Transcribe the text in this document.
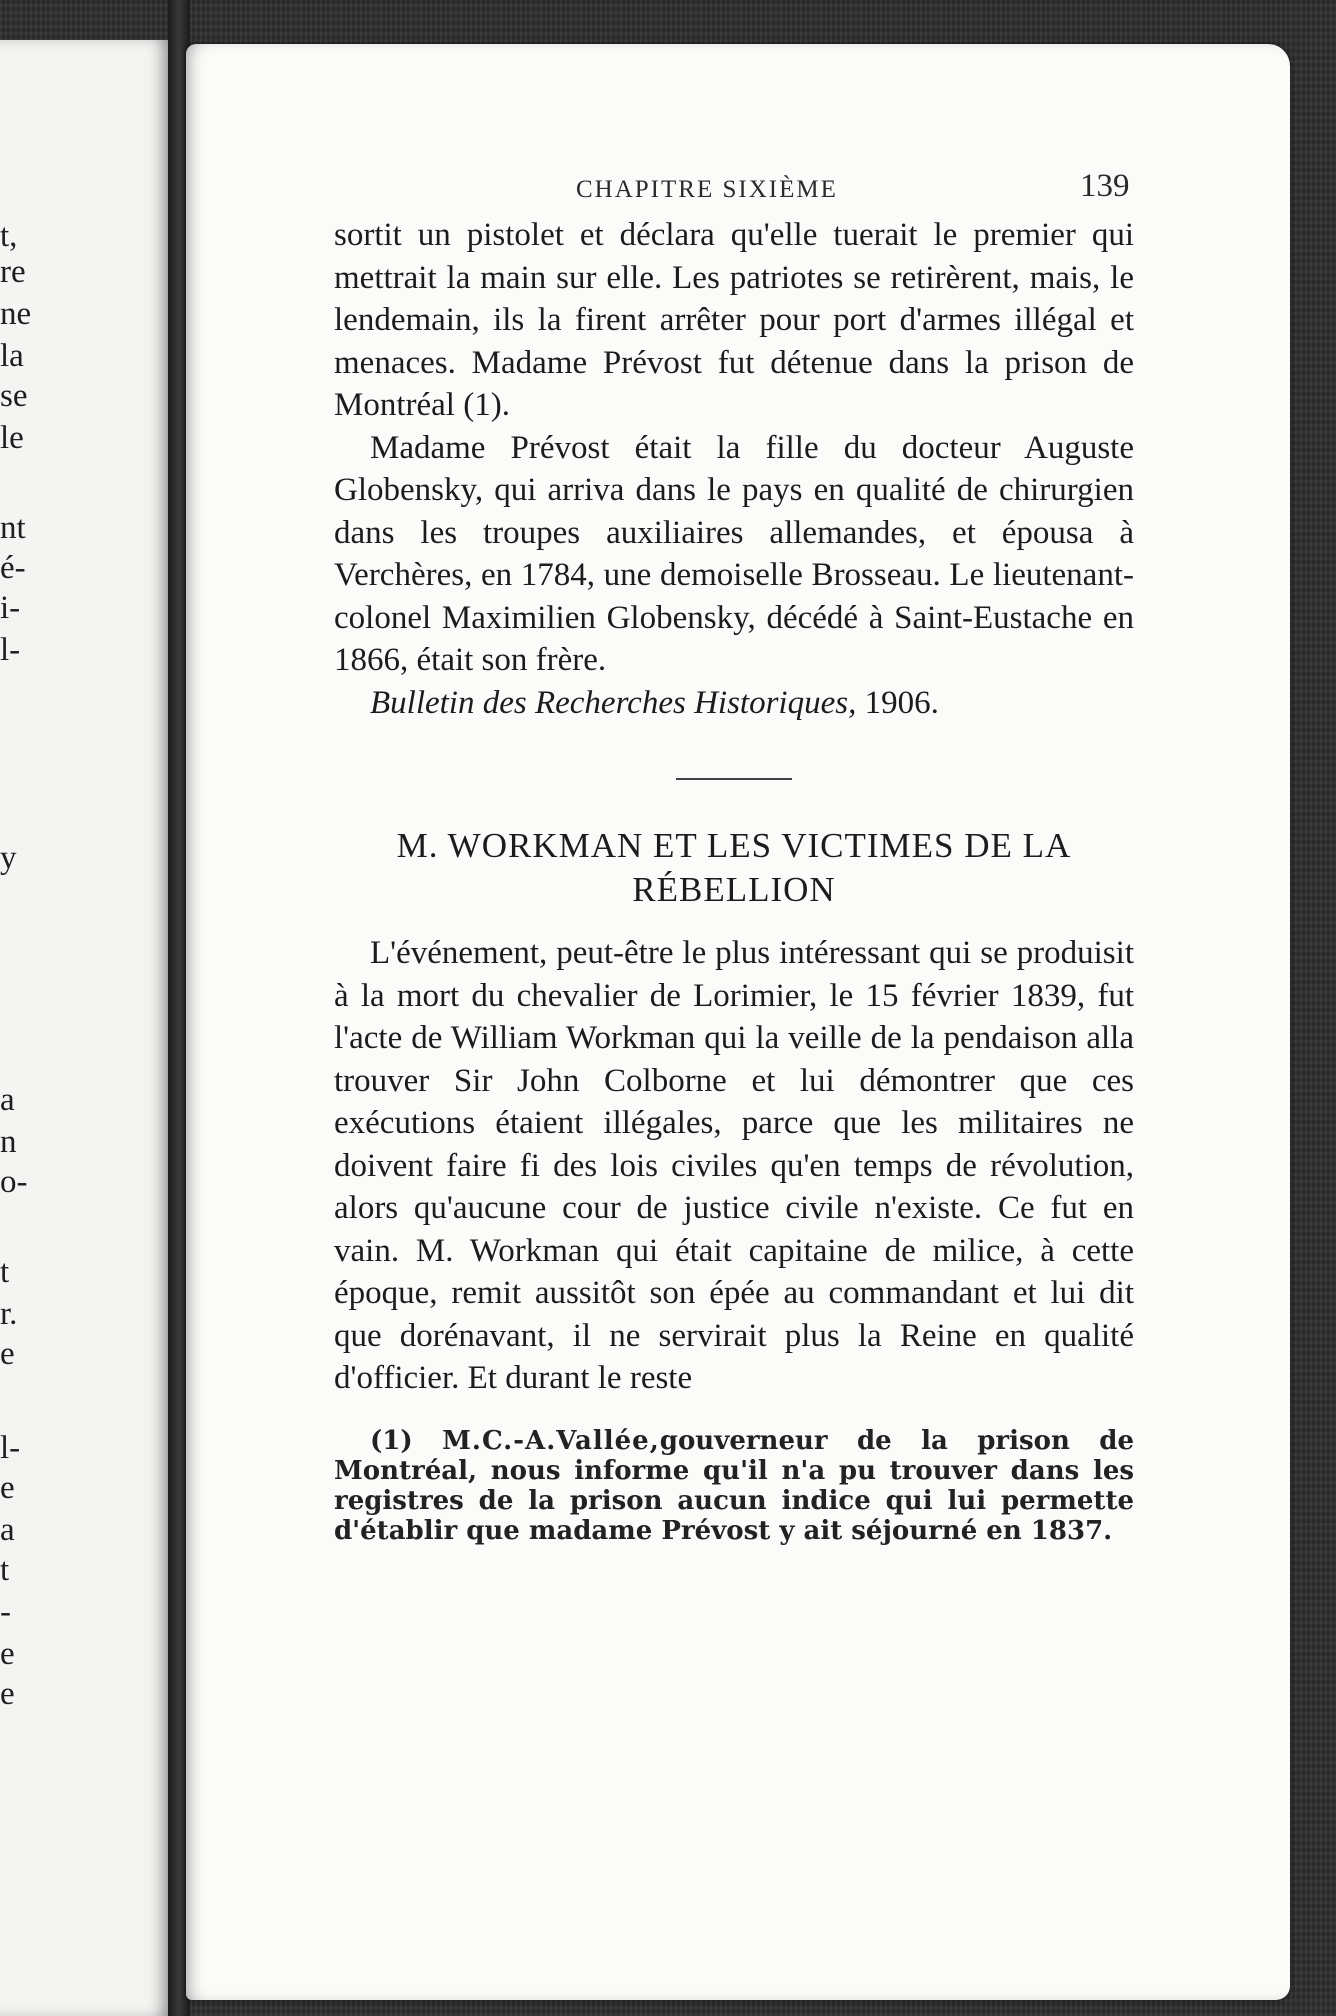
t,
re
ne
la
se
le
nt
é-
i-
l-
y
a
n
o-
t
r.
e
l-
e
a
t
-
e
e
CHAPITRE SIXIÈME	139

sortit un pistolet et déclara qu'elle tuerait le premier qui mettrait la main sur elle. Les patriotes se retirèrent, mais, le lendemain, ils la firent arrêter pour port d'armes illégal et menaces. Madame Prévost fut détenue dans la prison de Montréal (1).

Madame Prévost était la fille du docteur Auguste Globensky, qui arriva dans le pays en qualité de chirurgien dans les troupes auxiliaires allemandes, et épousa à Verchères, en 1784, une demoiselle Brosseau. Le lieutenant-colonel Maximilien Globensky, décédé à Saint-Eustache en 1866, était son frère.

Bulletin des Recherches Historiques, 1906.

M. WORKMAN ET LES VICTIMES DE LA
RÉBELLION

L'événement, peut-être le plus intéressant qui se produisit à la mort du chevalier de Lorimier, le 15 février 1839, fut l'acte de William Workman qui la veille de la pendaison alla trouver Sir John Colborne et lui démontrer que ces exécutions étaient illégales, parce que les militaires ne doivent faire fi des lois civiles qu'en temps de révolution, alors qu'aucune cour de justice civile n'existe. Ce fut en vain. M. Workman qui était capitaine de milice, à cette époque, remit aussitôt son épée au commandant et lui dit que dorénavant, il ne servirait plus la Reine en qualité d'officier. Et durant le reste

(1) M.C.-A.Vallée,gouverneur de la prison de Montréal, nous informe qu'il n'a pu trouver dans les registres de la prison aucun indice qui lui permette d'établir que madame Prévost y ait séjourné en 1837.
